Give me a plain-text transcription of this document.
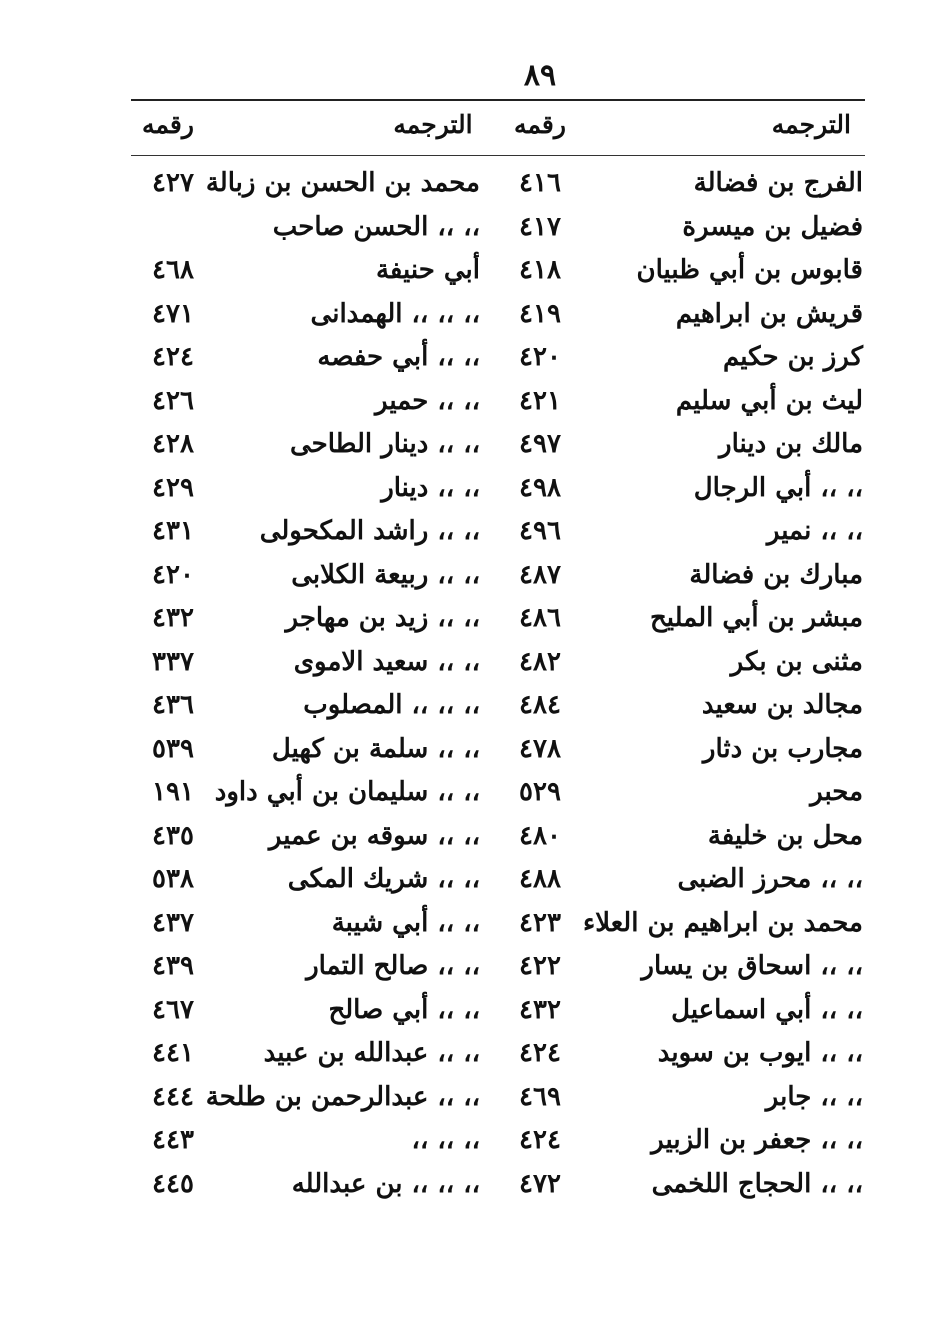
٨٩
الترجمه
رقمه
الترجمه
رقمه
الفرج بن فضالة
٤١٦
محمد بن الحسن بن زبالة
٤٢٧
فضيل بن ميسرة
٤١٧
،، ،، الحسن صاحب
قابوس بن أبي ظبيان
٤١٨
أبي حنيفة
٤٦٨
قريش بن ابراهيم
٤١٩
،، ،، ،، الهمدانى
٤٧١
كرز بن حكيم
٤٢٠
،، ،، أبي حفصه
٤٢٤
ليث بن أبي سليم
٤٢١
،، ،، حمير
٤٢٦
مالك بن دينار
٤٩٧
،، ،، دينار الطاحى
٤٢٨
،، ،، أبي الرجال
٤٩٨
،، ،، دينار
٤٢٩
،، ،، نمير
٤٩٦
،، ،، راشد المكحولى
٤٣١
مبارك بن فضالة
٤٨٧
،، ،، ربيعة الكلابى
٤٢٠
مبشر بن أبي المليح
٤٨٦
،، ،، زيد بن مهاجر
٤٣٢
مثنى بن بكر
٤٨٢
،، ،، سعيد الاموى
٣٣٧
مجالد بن سعيد
٤٨٤
،، ،، ،، المصلوب
٤٣٦
مجارب بن دثار
٤٧٨
،، ،، سلمة بن كهيل
٥٣٩
محبر
٥٢٩
،، ،، سليمان بن أبي داود
١٩١
محل بن خليفة
٤٨٠
،، ،، سوقه بن عمير
٤٣٥
،، ،، محرز الضبى
٤٨٨
،، ،، شريك المكى
٥٣٨
محمد بن ابراهيم بن العلاء
٤٢٣
،، ،، أبي شيبة
٤٣٧
،، ،، اسحاق بن يسار
٤٢٢
،، ،، صالح التمار
٤٣٩
،، ،، أبي اسماعيل
٤٣٢
،، ،، أبي صالح
٤٦٧
،، ،، ايوب بن سويد
٤٢٤
،، ،، عبدالله بن عبيد
٤٤١
،، ،، جابر
٤٦٩
،، ،، عبدالرحمن بن طلحة
٤٤٤
،، ،، جعفر بن الزبير
٤٢٤
،، ،، ،،
٤٤٣
،، ،، الحجاج اللخمى
٤٧٢
،، ،، ،، بن عبدالله
٤٤٥
